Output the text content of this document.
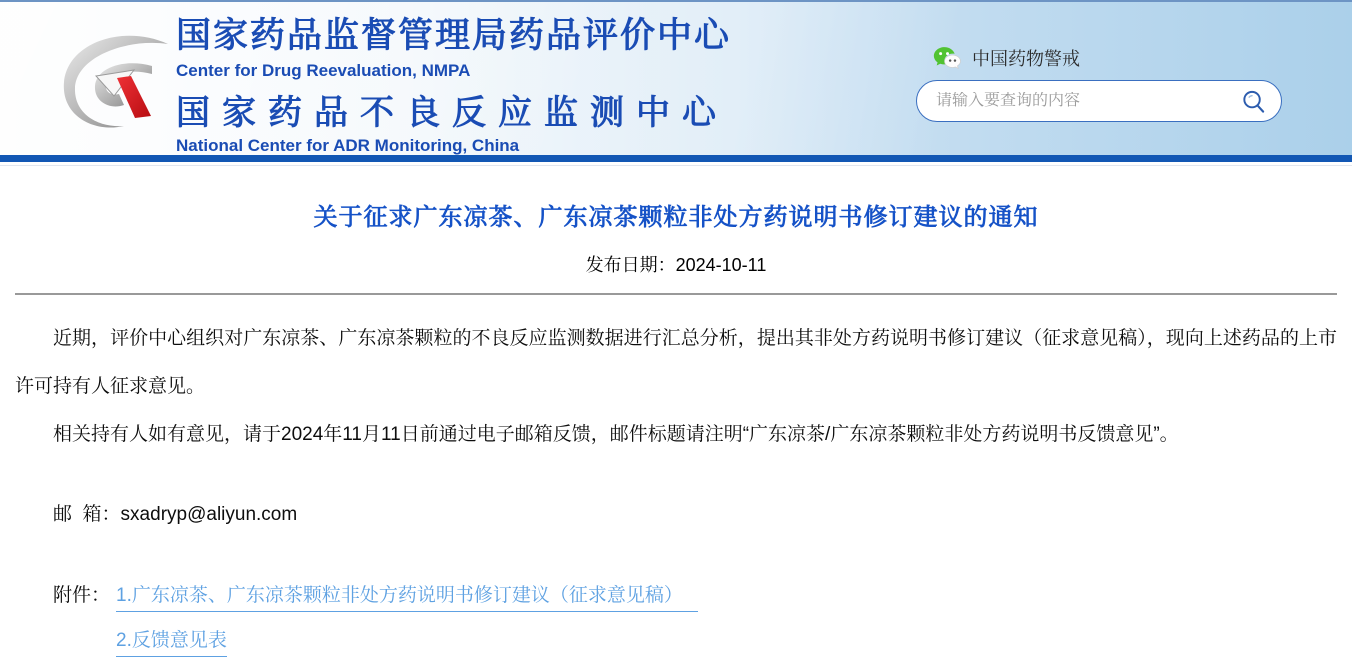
国家药品监督管理局药品评价中心
Center for Drug Reevaluation, NMPA
国家药品不良反应监测中心
National Center for ADR Monitoring, China
中国药物警戒
请输入要查询的内容
关于征求广东凉茶、广东凉茶颗粒非处方药说明书修订建议的通知
发布日期：2024-10-11

近期，评价中心组织对广东凉茶、广东凉茶颗粒的不良反应监测数据进行汇总分析，提出其非处方药说明书修订建议（征求意见稿），现向上述药品的上市许可持有人征求意见。

相关持有人如有意见，请于2024年11月11日前通过电子邮箱反馈，邮件标题请注明“广东凉茶/广东凉茶颗粒非处方药说明书反馈意见”。

邮  箱：sxadryp@aliyun.com
附件： 1.广东凉茶、广东凉茶颗粒非处方药说明书修订建议（征求意见稿）
2.反馈意见表
